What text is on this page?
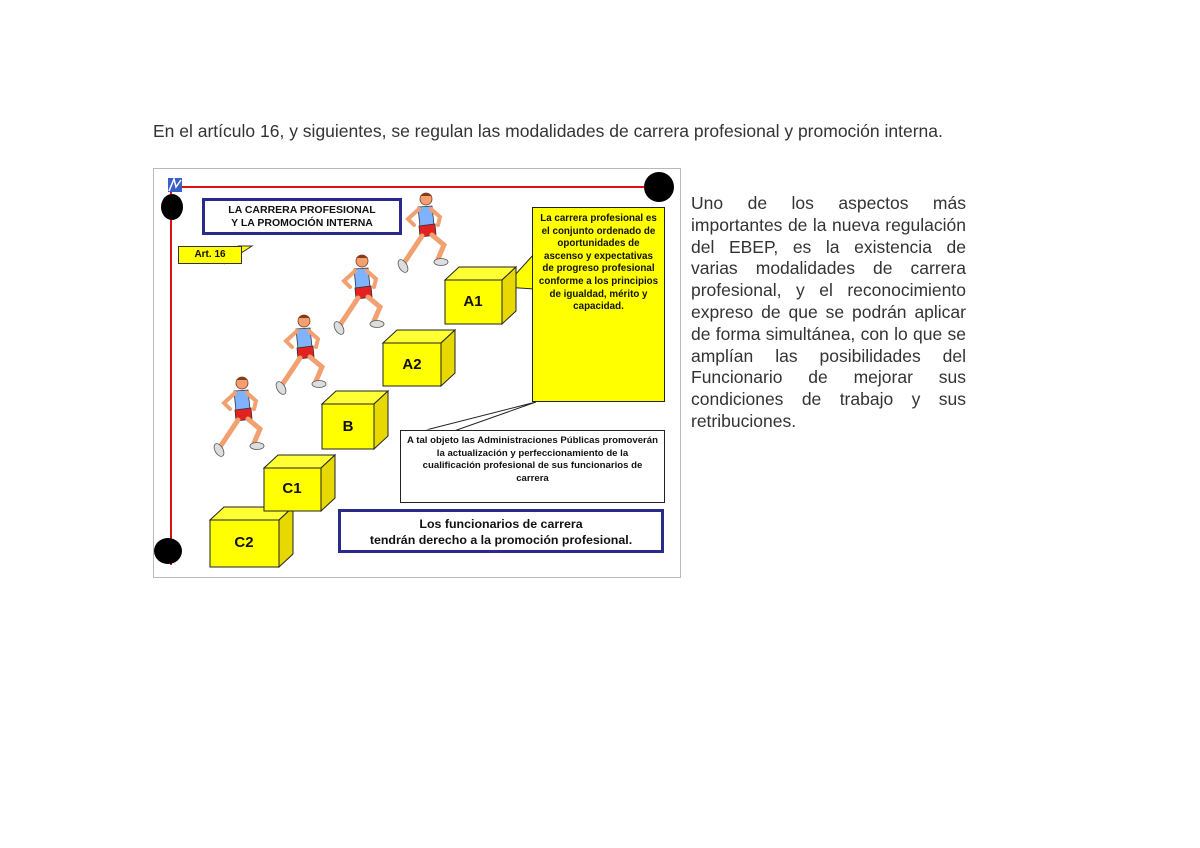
En el artículo 16, y siguientes, se regulan las modalidades de carrera profesional y promoción interna.

C2
C1
B
A2
A1
LA CARRERA PROFESIONAL
Y LA PROMOCIÓN INTERNA
Art. 16
La carrera profesional es el conjunto ordenado de oportunidades de ascenso y expectativas de progreso profesional conforme a los principios de igualdad, mérito y capacidad.
A tal objeto las Administraciones Públicas promoverán la actualización y perfeccionamiento de la cualificación profesional de sus funcionarios de carrera
Los funcionarios de carrera
tendrán derecho a la promoción profesional.

Uno de los aspectos más importantes de la nueva regulación del EBEP, es la existencia de varias modalidades de carrera profesional, y el reconocimiento expreso de que se podrán aplicar de forma simultánea, con lo que se amplían las posibilidades del Funcionario de mejorar sus condiciones de trabajo y sus retribuciones.
